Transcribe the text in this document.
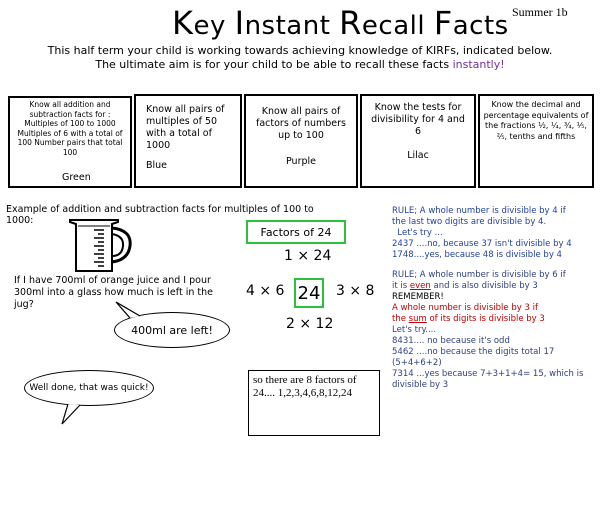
Key Instant Recall Facts Summer 1b
This half term your child is working towards achieving knowledge of KIRFs, indicated below.
The ultimate aim is for your child to be able to recall these facts instantly!
Know all addition and subtraction facts for : Multiples of 100 to 1000 Multiples of 6 with a total of 100 Number pairs that total 100
Green
Know all pairs of multiples of 50 with a total of 1000
Blue
Know all pairs of factors of numbers up to 100
Purple
Know the tests for divisibility for 4 and 6
Lilac
Know the decimal and percentage equivalents of the fractions ½, ¼, ¾, ⅕, ⅖, tenths and fifths
Example of addition and subtraction facts for multiples of 100 to 1000:
If I have 700ml of orange juice and I pour 300ml into a glass how much is left in the jug?
400ml are left!
Well done, that was quick!
Factors of 24
1 × 24
4 × 6 24 3 × 8
2 × 12
so there are 8 factors of 24.... 1,2,3,4,6,8,12,24
RULE; A whole number is divisible by 4 if
the last two digits are divisible by 4.
Let's try ...
2437 ....no, because 37 isn't divisible by 4
1748....yes, because 48 is divisible by 4
RULE; A whole number is divisible by 6 if
it is even and is also divisible by 3
REMEMBER!
A whole number is divisible by 3 if
the sum of its digits is divisible by 3
Let's try....
8431.... no because it's odd
5462 ....no because the digits total 17 (5+4+6+2)
7314 ...yes because 7+3+1+4= 15, which is
divisible by 3
